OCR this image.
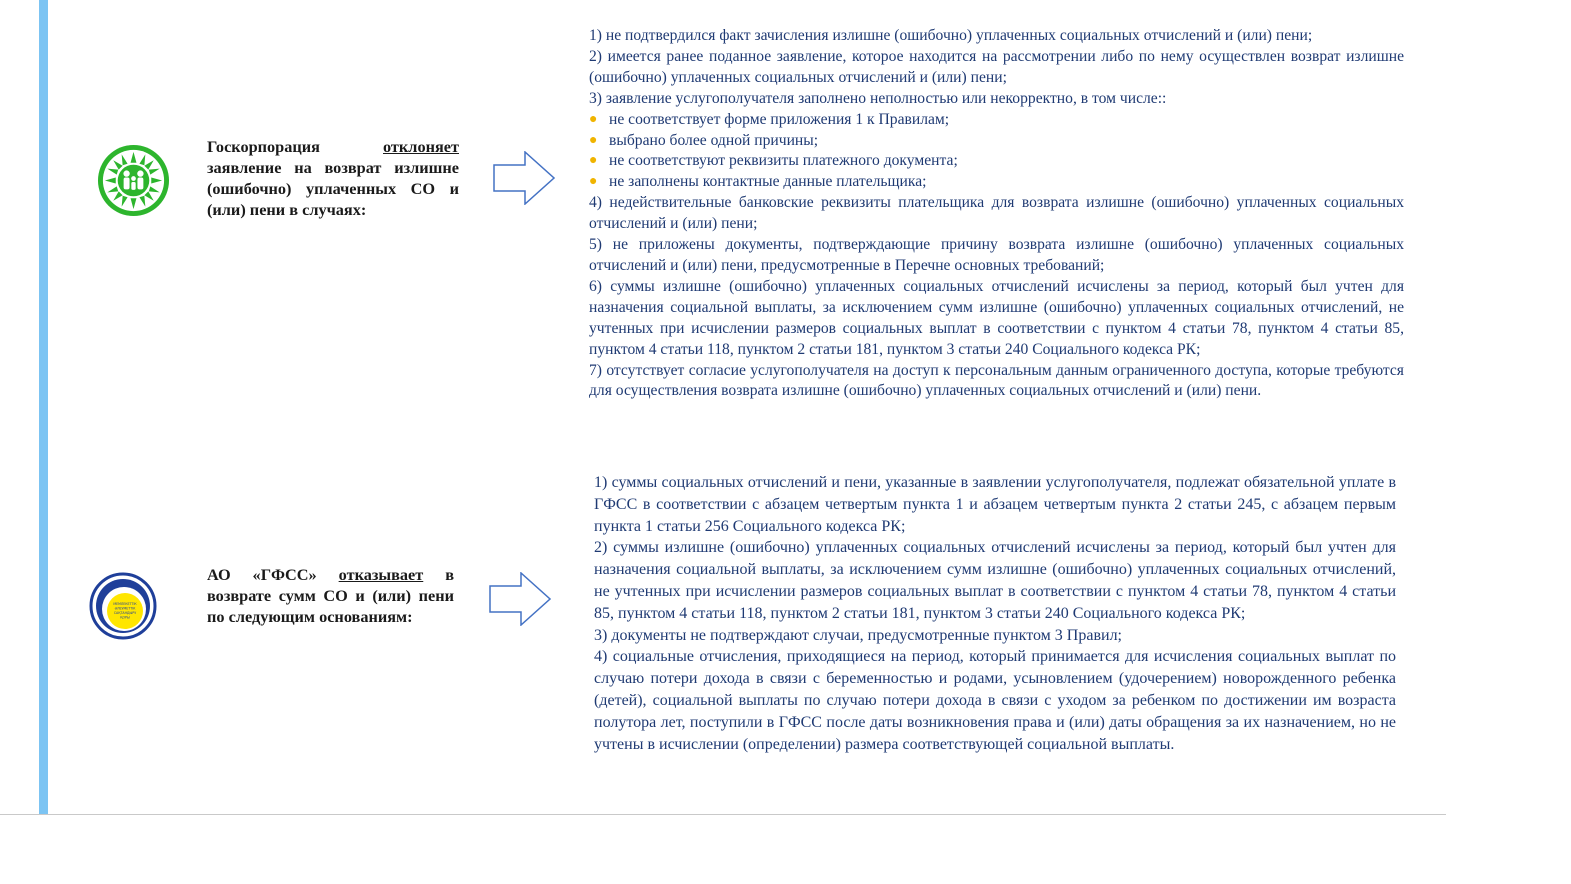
Госкорпорация отклоняет заявление на возврат излишне (ошибочно) уплаченных СО и (или) пени в случаях:
1) не подтвердился факт зачисления излишне (ошибочно) уплаченных социальных отчислений и (или) пени;
2) имеется ранее поданное заявление, которое находится на рассмотрении либо по нему осуществлен возврат излишне (ошибочно) уплаченных социальных отчислений и (или) пени;
3) заявление услугополучателя заполнено неполностью или некорректно, в том числе::
● не соответствует форме приложения 1 к Правилам;
● выбрано более одной причины;
● не соответствуют реквизиты платежного документа;
● не заполнены контактные данные плательщика;
4) недействительные банковские реквизиты плательщика для возврата излишне (ошибочно) уплаченных социальных отчислений и (или) пени;
5) не приложены документы, подтверждающие причину возврата излишне (ошибочно) уплаченных социальных отчислений и (или) пени, предусмотренные в Перечне основных требований;
6) суммы излишне (ошибочно) уплаченных социальных отчислений исчислены за период, который был учтен для назначения социальной выплаты, за исключением сумм излишне (ошибочно) уплаченных социальных отчислений, не учтенных при исчислении размеров социальных выплат в соответствии с пунктом 4 статьи 78, пунктом 4 статьи 85, пунктом 4 статьи 118, пунктом 2 статьи 181, пунктом 3 статьи 240 Социального кодекса РК;
7) отсутствует согласие услугополучателя на доступ к персональным данным ограниченного доступа, которые требуются для осуществления возврата излишне (ошибочно) уплаченных социальных отчислений и (или) пени.
МЕМЛЕКЕТТІК
ӘЛЕУМЕТТІК
САҚТАНДЫРУ
ҚОРЫ
АО «ГФСС» отказывает в возврате сумм СО и (или) пени по следующим основаниям:
1) суммы социальных отчислений и пени, указанные в заявлении услугополучателя, подлежат обязательной уплате в ГФСС в соответствии с абзацем четвертым пункта 1 и абзацем четвертым пункта 2 статьи 245, с абзацем первым пункта 1 статьи 256 Социального кодекса РК;
2) суммы излишне (ошибочно) уплаченных социальных отчислений исчислены за период, который был учтен для назначения социальной выплаты, за исключением сумм излишне (ошибочно) уплаченных социальных отчислений, не учтенных при исчислении размеров социальных выплат в соответствии с пунктом 4 статьи 78, пунктом 4 статьи 85, пунктом 4 статьи 118, пунктом 2 статьи 181, пунктом 3 статьи 240 Социального кодекса РК;
3) документы не подтверждают случаи, предусмотренные пунктом 3 Правил;
4) социальные отчисления, приходящиеся на период, который принимается для исчисления социальных выплат по случаю потери дохода в связи с беременностью и родами, усыновлением (удочерением) новорожденного ребенка (детей), социальной выплаты по случаю потери дохода в связи с уходом за ребенком по достижении им возраста полутора лет, поступили в ГФСС после даты возникновения права и (или) даты обращения за их назначением, но не учтены в исчислении (определении) размера соответствующей социальной выплаты.
